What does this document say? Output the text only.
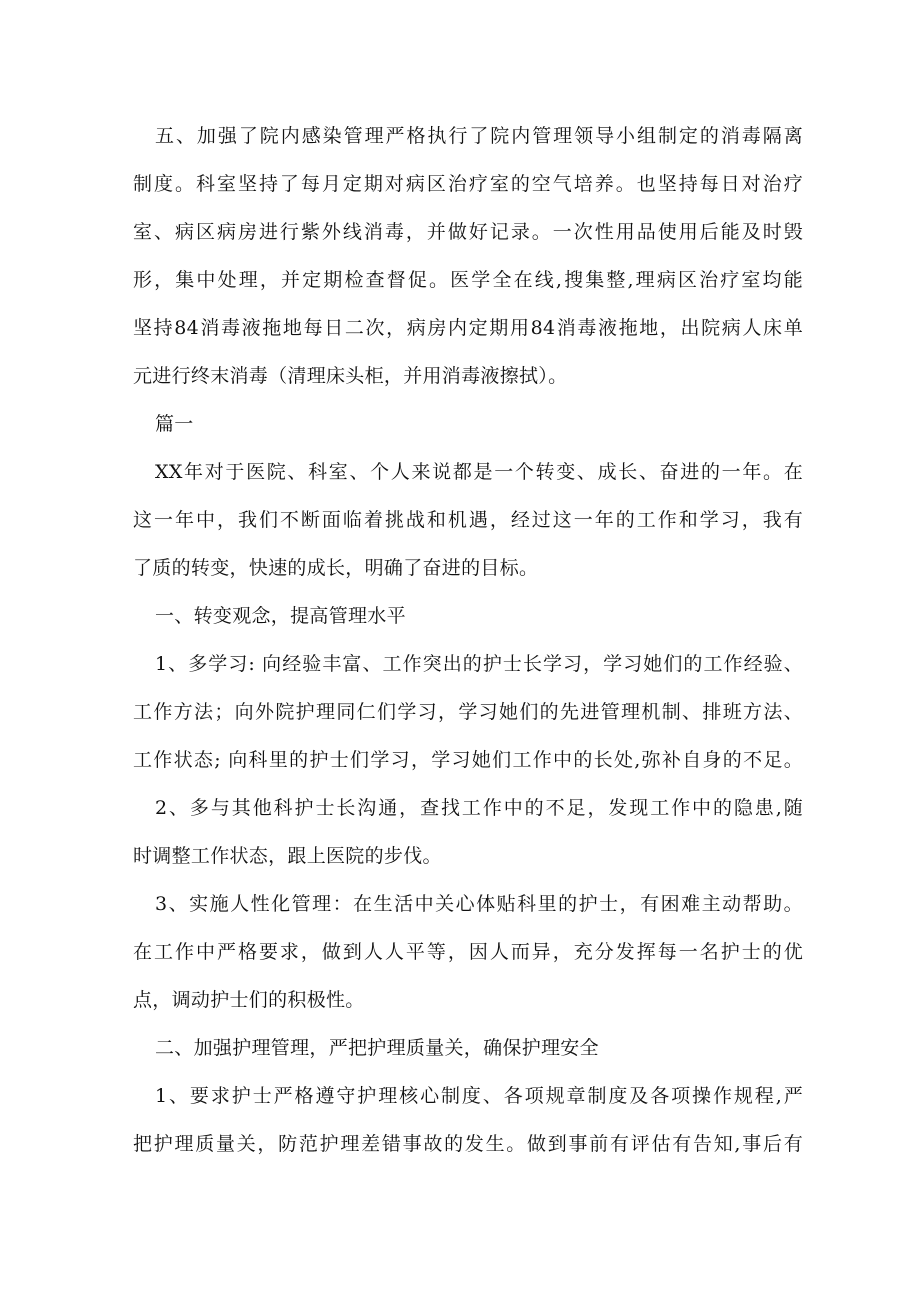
五、加强了院内感染管理严格执行了院内管理领导小组制定的消毒隔离
制度。科室坚持了每月定期对病区治疗室的空气培养。也坚持每日对治疗
室、病区病房进行紫外线消毒，并做好记录。一次性用品使用后能及时毁
形，集中处理，并定期检查督促。医学全在线,搜集整,理病区治疗室均能
坚持84消毒液拖地每日二次，病房内定期用84消毒液拖地，出院病人床单
元进行终末消毒（清理床头柜，并用消毒液擦拭）。
篇一
XX年对于医院、科室、个人来说都是一个转变、成长、奋进的一年。在
这一年中，我们不断面临着挑战和机遇，经过这一年的工作和学习，我有
了质的转变，快速的成长，明确了奋进的目标。
一、转变观念，提高管理水平
1、多学习: 向经验丰富、工作突出的护士长学习，学习她们的工作经验、
工作方法；向外院护理同仁们学习，学习她们的先进管理机制、排班方法、
工作状态; 向科里的护士们学习，学习她们工作中的长处,弥补自身的不足。
2、多与其他科护士长沟通，查找工作中的不足，发现工作中的隐患,随
时调整工作状态，跟上医院的步伐。
3、实施人性化管理：在生活中关心体贴科里的护士，有困难主动帮助。
在工作中严格要求，做到人人平等，因人而异，充分发挥每一名护士的优
点，调动护士们的积极性。
二、加强护理管理，严把护理质量关，确保护理安全
1、要求护士严格遵守护理核心制度、各项规章制度及各项操作规程,严
把护理质量关，防范护理差错事故的发生。做到事前有评估有告知,事后有
